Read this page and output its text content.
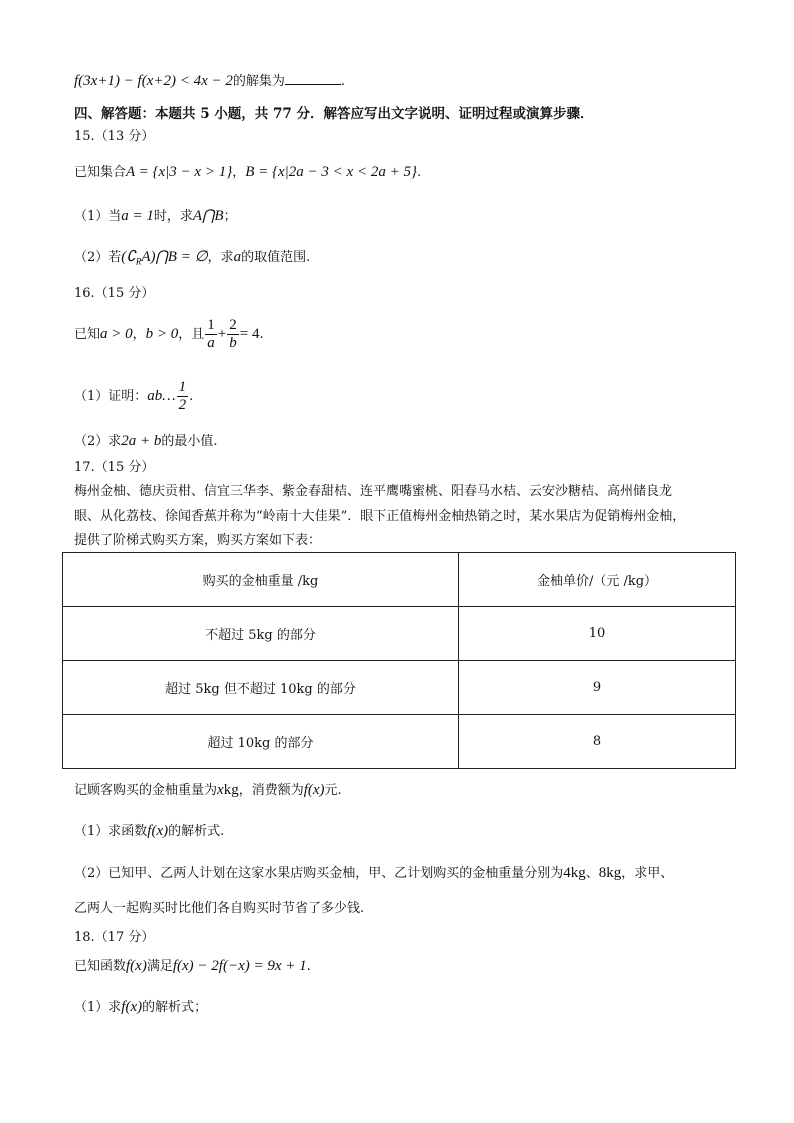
f(3x+1) − f(x+2) < 4x − 2的解集为	.
四、解答题：本题共 5 小题，共 77 分．解答应写出文字说明、证明过程或演算步骤．
15.（13 分）
已知集合A = {x|3 − x > 1}，B = {x|2a − 3 < x < 2a + 5}.
（1）当a = 1时，求A⋂B；
（2）若$(∁_RA)⋂B$ = ∅，求a的取值范围.
16.（15 分）
已知a > 0，b > 0，且 $\frac{1}{a} + \frac{2}{b} = 4$.
（1）证明：ab… $\frac{1}{2}$ .
（2）求2a + b的最小值.
17.（15 分）
梅州金柚、德庆贡柑、信宜三华李、紫金春甜桔、连平鹰嘴蜜桃、阳春马水桔、云安沙糖桔、高州储良龙
眼、从化荔枝、徐闻香蕉并称为“岭南十大佳果”．眼下正值梅州金柚热销之时，某水果店为促销梅州金柚，
提供了阶梯式购买方案，购买方案如下表：
购买的金柚重量 /kg	金柚单价/（元 /kg）
不超过 5kg 的部分	10
超过 5kg 但不超过 10kg 的部分	9
超过 10kg 的部分	8
记顾客购买的金柚重量为xkg，消费额为f(x)元.
（1）求函数f(x)的解析式.
（2）已知甲、乙两人计划在这家水果店购买金柚，甲、乙计划购买的金柚重量分别为4kg、8kg，求甲、
乙两人一起购买时比他们各自购买时节省了多少钱.
18.（17 分）
已知函数f(x)满足f(x) − 2f(−x) = 9x + 1.
（1）求f(x)的解析式；
